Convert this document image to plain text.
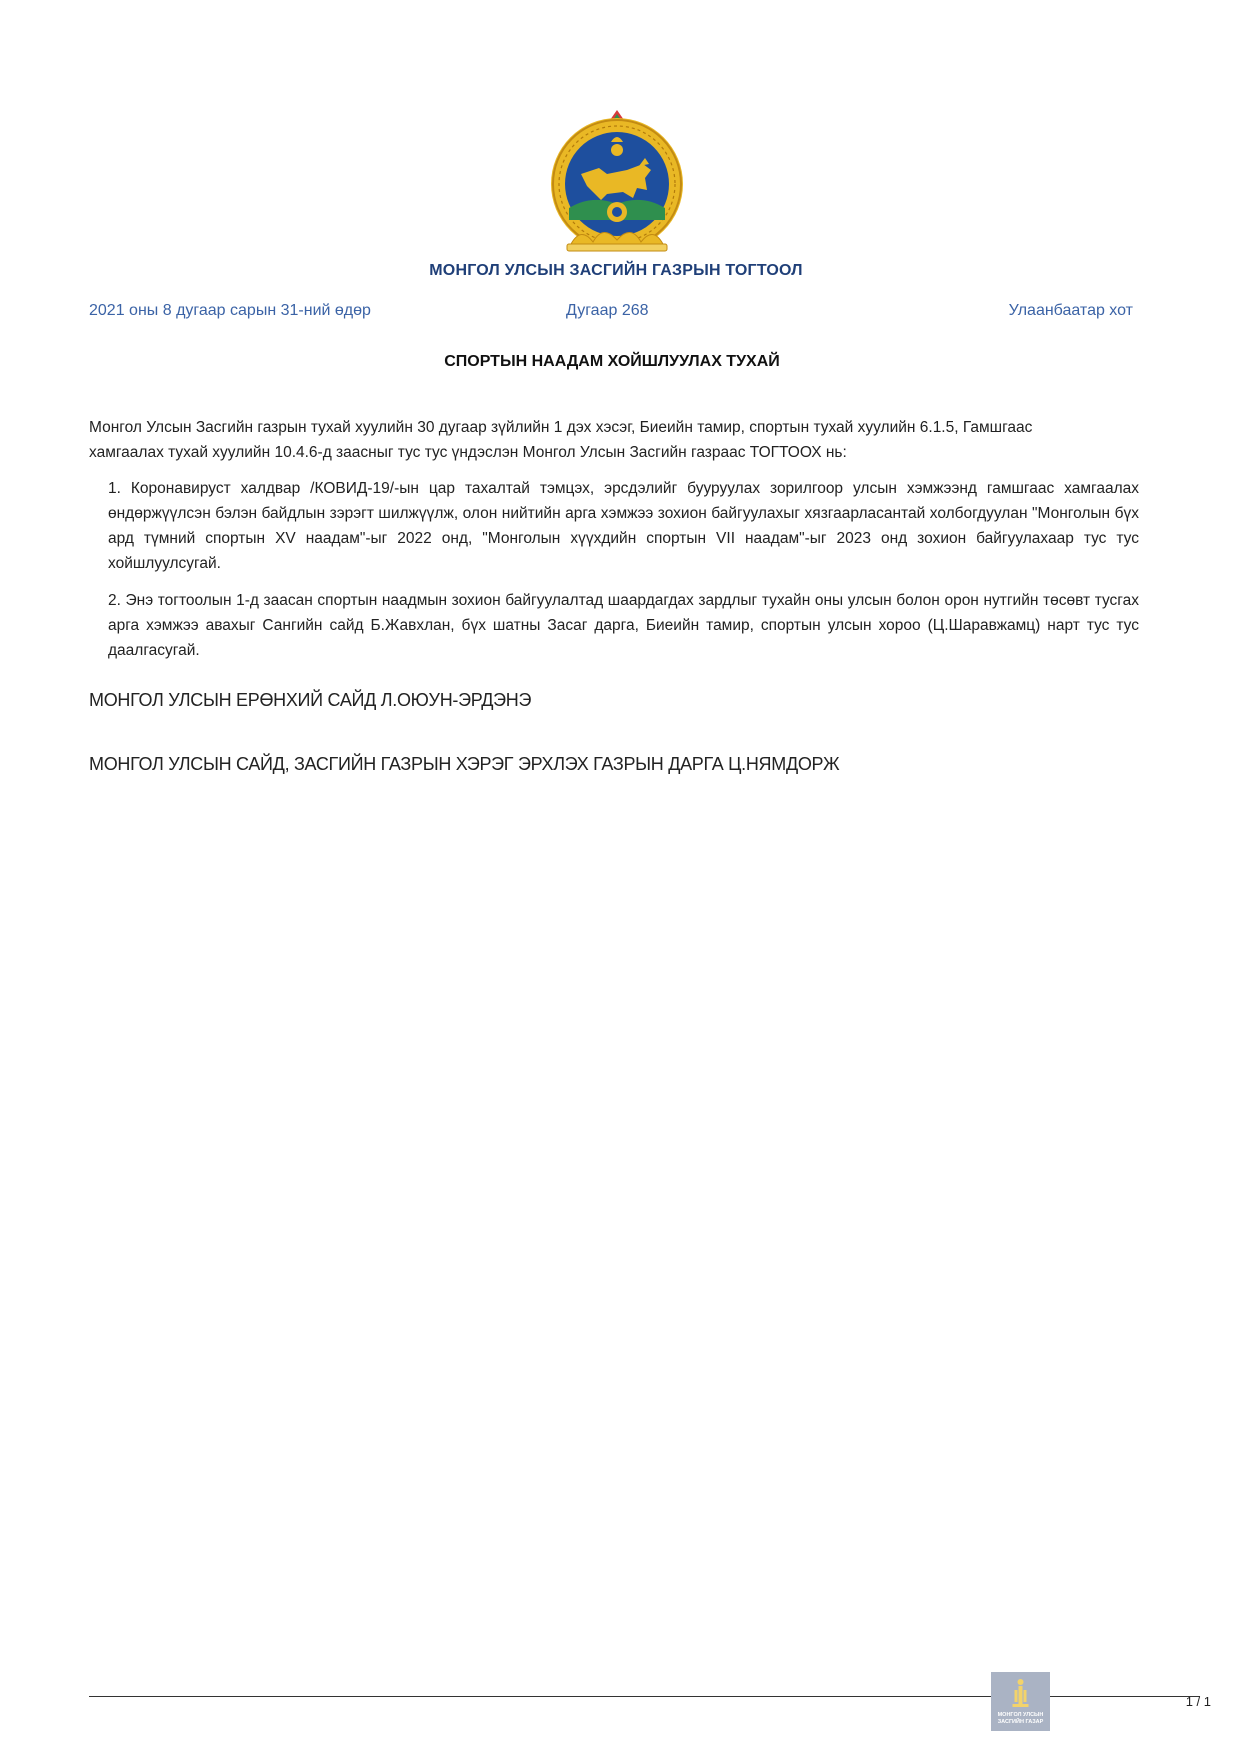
МОНГОЛ УЛСЫН ЗАСГИЙН ГАЗРЫН ТОГТООЛ
2021 оны 8 дугаар сарын 31-ний өдөр	Дугаар 268	Улаанбаатар хот
СПОРТЫН НААДАМ ХОЙШЛУУЛАХ ТУХАЙ
Монгол Улсын Засгийн газрын тухай хуулийн 30 дугаар зүйлийн 1 дэх хэсэг, Биеийн тамир, спортын тухай хуулийн 6.1.5, Гамшгаас хамгаалах тухай хуулийн 10.4.6-д заасныг тус тус үндэслэн Монгол Улсын Засгийн газраас ТОГТООХ нь:

1. Коронавируст халдвар /КОВИД-19/-ын цар тахалтай тэмцэх, эрсдэлийг бууруулах зорилгоор улсын хэмжээнд гамшгаас хамгаалах өндөржүүлсэн бэлэн байдлын зэрэгт шилжүүлж, олон нийтийн арга хэмжээ зохион байгуулахыг хязгаарласантай холбогдуулан "Монголын бүх ард түмний спортын XV наадам"-ыг 2022 онд, "Монголын хүүхдийн спортын VII наадам"-ыг 2023 онд зохион байгуулахаар тус тус хойшлуулсугай.

2. Энэ тогтоолын 1-д заасан спортын наадмын зохион байгуулалтад шаардагдах зардлыг тухайн оны улсын болон орон нутгийн төсөвт тусгах арга хэмжээ авахыг Сангийн сайд Б.Жавхлан, бүх шатны Засаг дарга, Биеийн тамир, спортын улсын хороо (Ц.Шаравжамц) нарт тус тус даалгасугай.

МОНГОЛ УЛСЫН ЕРӨНХИЙ САЙД Л.ОЮУН-ЭРДЭНЭ
МОНГОЛ УЛСЫН САЙД, ЗАСГИЙН ГАЗРЫН ХЭРЭГ ЭРХЛЭХ ГАЗРЫН ДАРГА Ц.НЯМДОРЖ
МОНГОЛ УЛСЫН
ЗАСГИЙН ГАЗАР
1 / 1
